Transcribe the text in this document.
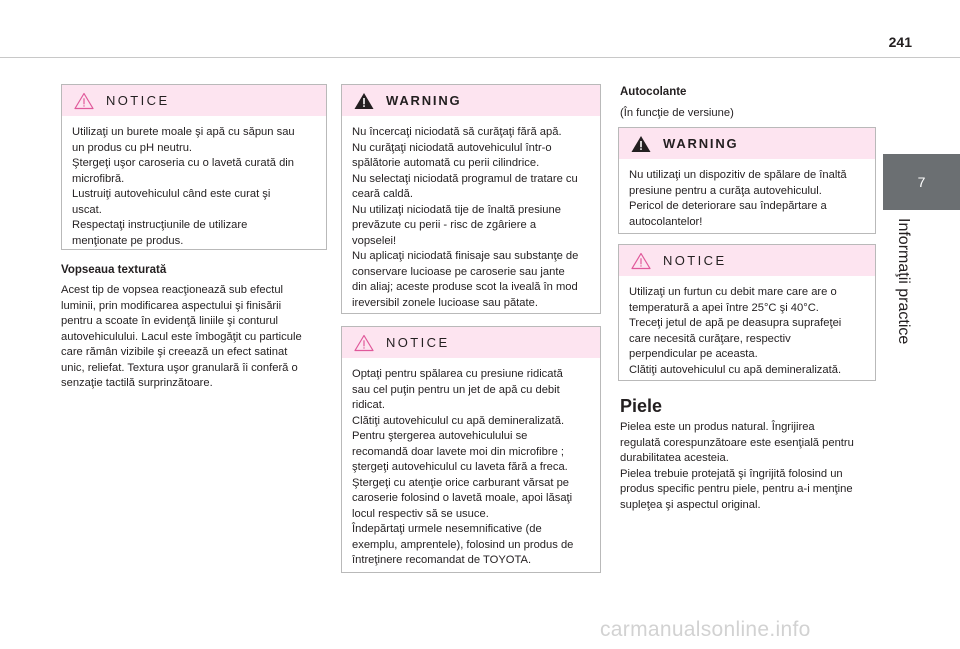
241
7
Informaţii practice
NOTICE
Utilizaţi un burete moale şi apă cu săpun sau
un produs cu pH neutru.
Ştergeţi uşor caroseria cu o lavetă curată din
microfibră.
Lustruiţi autovehiculul când este curat şi
uscat.
Respectaţi instrucţiunile de utilizare
menţionate pe produs.
Vopseaua texturată
Acest tip de vopsea reacţionează sub efectul
luminii, prin modificarea aspectului şi finisării
pentru a scoate în evidenţă liniile şi conturul
autovehiculului. Lacul este îmbogăţit cu particule
care rămân vizibile şi creează un efect satinat
unic, reliefat. Textura uşor granulară îi conferă o
senzaţie tactilă surprinzătoare.
WARNING
Nu încercaţi niciodată să curăţaţi fără apă.
Nu curăţaţi niciodată autovehiculul într-o
spălătorie automată cu perii cilindrice.
Nu selectaţi niciodată programul de tratare cu
ceară caldă.
Nu utilizaţi niciodată tije de înaltă presiune
prevăzute cu perii - risc de zgâriere a
vopselei!
Nu aplicaţi niciodată finisaje sau substanţe de
conservare lucioase pe caroserie sau jante
din aliaj; aceste produse scot la iveală în mod
ireversibil zonele lucioase sau pătate.
NOTICE
Optaţi pentru spălarea cu presiune ridicată
sau cel puţin pentru un jet de apă cu debit
ridicat.
Clătiţi autovehiculul cu apă demineralizată.
Pentru ştergerea autovehiculului se
recomandă doar lavete moi din microfibre ;
ştergeţi autovehiculul cu laveta fără a freca.
Ştergeţi cu atenţie orice carburant vărsat pe
caroserie folosind o lavetă moale, apoi lăsaţi
locul respectiv să se usuce.
Îndepărtaţi urmele nesemnificative (de
exemplu, amprentele), folosind un produs de
întreţinere recomandat de TOYOTA.
Autocolante
(În funcţie de versiune)
WARNING
Nu utilizaţi un dispozitiv de spălare de înaltă
presiune pentru a curăţa autovehiculul.
Pericol de deteriorare sau îndepărtare a
autocolantelor!
NOTICE
Utilizaţi un furtun cu debit mare care are o
temperatură a apei între 25°C şi 40°C.
Treceţi jetul de apă pe deasupra suprafeţei
care necesită curăţare, respectiv
perpendicular pe aceasta.
Clătiţi autovehiculul cu apă demineralizată.
Piele
Pielea este un produs natural. Îngrijirea
regulată corespunzătoare este esenţială pentru
durabilitatea acesteia.
Pielea trebuie protejată şi îngrijită folosind un
produs specific pentru piele, pentru a-i menţine
supleţea şi aspectul original.
carmanualsonline.info
